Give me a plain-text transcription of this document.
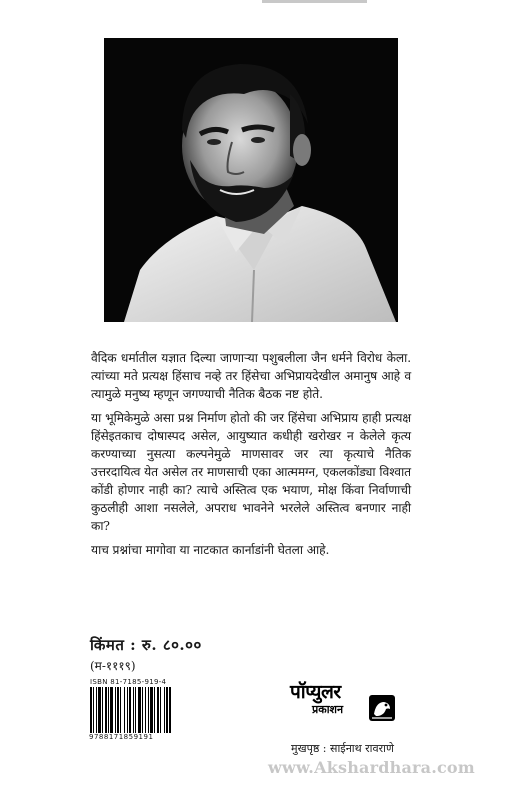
वैदिक धर्मातील यज्ञात दिल्या जाणाऱ्या पशुबलीला जैन धर्मने विरोध केला. त्यांच्या मते प्रत्यक्ष हिंसाच नव्हे तर हिंसेचा अभिप्रायदेखील अमानुष आहे व त्यामुळे मनुष्य म्हणून जगण्याची नैतिक बैठक नष्ट होते.

या भूमिकेमुळे असा प्रश्न निर्माण होतो की जर हिंसेचा अभिप्राय हाही प्रत्यक्ष हिंसेइतकाच दोषास्पद असेल, आयुष्यात कधीही खरोखर न केलेले कृत्य करण्याच्या नुसत्या कल्पनेमुळे माणसावर जर त्या कृत्याचे नैतिक उत्तरदायित्व येत असेल तर माणसाची एका आत्ममग्न, एकलकोंड्या विश्वात कोंडी होणार नाही का? त्याचे अस्तित्व एक भयाण, मोक्ष किंवा निर्वाणाची कुठलीही आशा नसलेले, अपराध भावनेने भरलेले अस्तित्व बनणार नाही का?

याच प्रश्नांचा मागोवा या नाटकात कार्नाडांनी घेतला आहे.

किंमत : रु. ८०.००
(म-१११९)
ISBN 81-7185-919-4
9788171859191
पॉप्युलर
प्रकाशन
मुखपृष्ठ : साईनाथ रावराणे
www.Akshardhara.com
